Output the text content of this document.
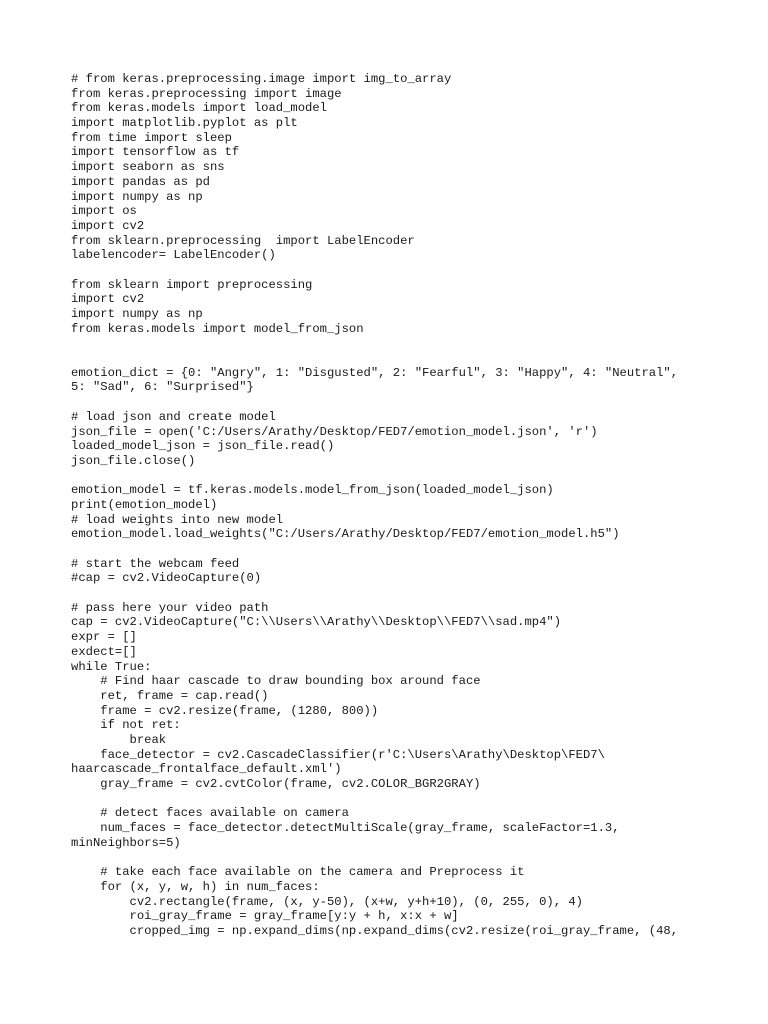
# from keras.preprocessing.image import img_to_array
from keras.preprocessing import image
from keras.models import load_model
import matplotlib.pyplot as plt
from time import sleep
import tensorflow as tf
import seaborn as sns
import pandas as pd
import numpy as np
import os
import cv2
from sklearn.preprocessing  import LabelEncoder
labelencoder= LabelEncoder()
from sklearn import preprocessing
import cv2
import numpy as np
from keras.models import model_from_json
emotion_dict = {0: "Angry", 1: "Disgusted", 2: "Fearful", 3: "Happy", 4: "Neutral",
5: "Sad", 6: "Surprised"}
# load json and create model
json_file = open('C:/Users/Arathy/Desktop/FED7/emotion_model.json', 'r')
loaded_model_json = json_file.read()
json_file.close()
emotion_model = tf.keras.models.model_from_json(loaded_model_json)
print(emotion_model)
# load weights into new model
emotion_model.load_weights("C:/Users/Arathy/Desktop/FED7/emotion_model.h5")
# start the webcam feed
#cap = cv2.VideoCapture(0)
# pass here your video path
cap = cv2.VideoCapture("C:\\Users\\Arathy\\Desktop\\FED7\\sad.mp4")
expr = []
exdect=[]
while True:
# Find haar cascade to draw bounding box around face
ret, frame = cap.read()
frame = cv2.resize(frame, (1280, 800))
if not ret:
break
face_detector = cv2.CascadeClassifier(r'C:\Users\Arathy\Desktop\FED7\
haarcascade_frontalface_default.xml')
gray_frame = cv2.cvtColor(frame, cv2.COLOR_BGR2GRAY)
# detect faces available on camera
num_faces = face_detector.detectMultiScale(gray_frame, scaleFactor=1.3,
minNeighbors=5)
# take each face available on the camera and Preprocess it
for (x, y, w, h) in num_faces:
cv2.rectangle(frame, (x, y-50), (x+w, y+h+10), (0, 255, 0), 4)
roi_gray_frame = gray_frame[y:y + h, x:x + w]
cropped_img = np.expand_dims(np.expand_dims(cv2.resize(roi_gray_frame, (48,
